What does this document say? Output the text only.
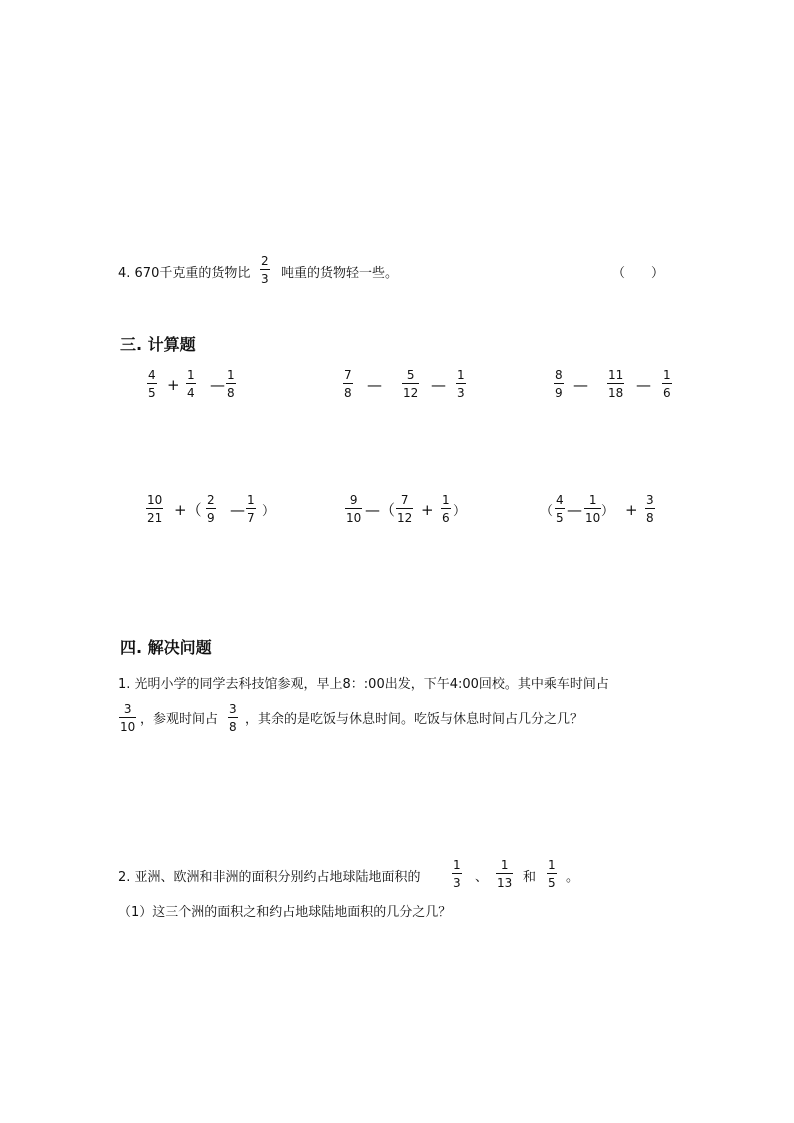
4. 670千克重的货物比
2
3 吨重的货物轻一些。	（　　）
三. 计算题
4
5 +
1
4 —
1
8
7
8 —
5
12 —
1
3
8
9 —
11
18 —
1
6
10
21 +（
2
9 —
1
7 ）
9
10 —（
7
12 +
1
6 ）	（
4
5 —
1
10 ） +
3
8
四. 解决问题
1. 光明小学的同学去科技馆参观，早上8：:00出发，下午4:00回校。其中乘车时间占
3
10 ，参观时间占
3
8 ，其余的是吃饭与休息时间。吃饭与休息时间占几分之几？
2. 亚洲、欧洲和非洲的面积分别约占地球陆地面积的
1
3 、
1
13 和
1
5 。
（1）这三个洲的面积之和约占地球陆地面积的几分之几？
